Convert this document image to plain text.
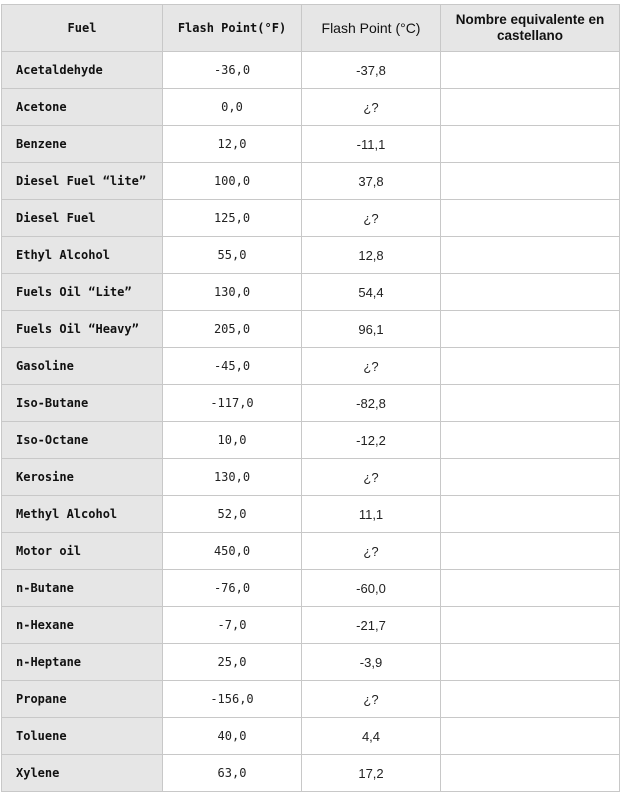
Fuel	Flash Point(°F)	Flash Point (°C)	Nombre equivalente en castellano
Acetaldehyde	-36,0	-37,8	
Acetone	0,0	¿?	
Benzene	12,0	-11,1	
Diesel Fuel “lite”	100,0	37,8	
Diesel Fuel	125,0	¿?	
Ethyl Alcohol	55,0	12,8	
Fuels Oil “Lite”	130,0	54,4	
Fuels Oil “Heavy”	205,0	96,1	
Gasoline	-45,0	¿?	
Iso-Butane	-117,0	-82,8	
Iso-Octane	10,0	-12,2	
Kerosine	130,0	¿?	
Methyl Alcohol	52,0	11,1	
Motor oil	450,0	¿?	
n-Butane	-76,0	-60,0	
n-Hexane	-7,0	-21,7	
n-Heptane	25,0	-3,9	
Propane	-156,0	¿?	
Toluene	40,0	4,4	
Xylene	63,0	17,2	
